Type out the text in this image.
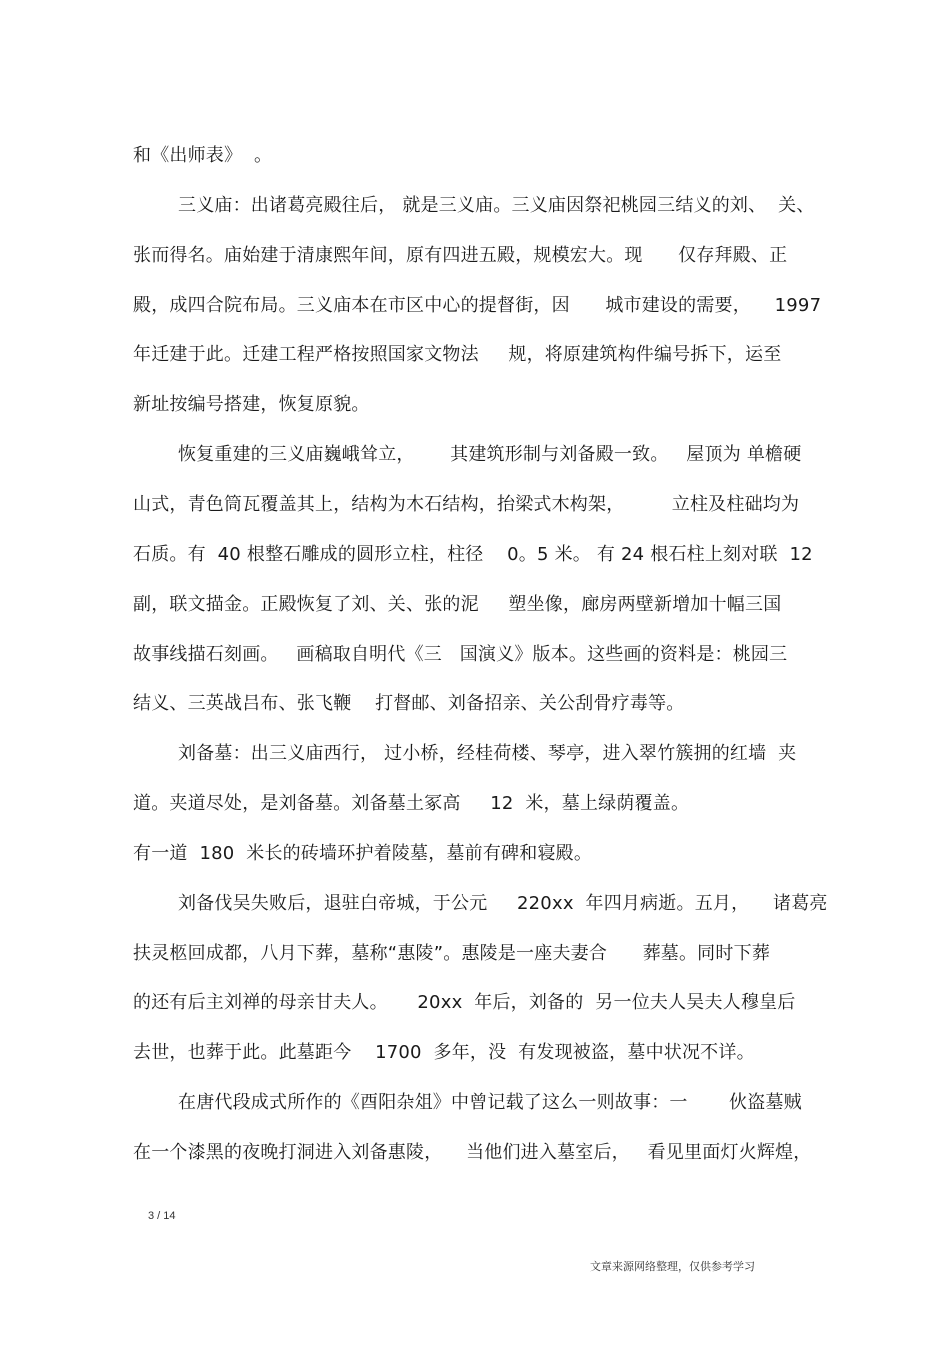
和《出师表》  。
三义庙：出诸葛亮殿往后， 就是三义庙。三义庙因祭祀桃园三结义的刘、  关、
张而得名。庙始建于清康熙年间，原有四进五殿，规模宏大。现      仅存拜殿、正
殿，成四合院布局。三义庙本在市区中心的提督街，因      城市建设的需要，    1997
年迁建于此。迁建工程严格按照国家文物法     规，将原建筑构件编号拆下，运至
新址按编号搭建，恢复原貌。
恢复重建的三义庙巍峨耸立，      其建筑形制与刘备殿一致。   屋顶为 单檐硬
山式，青色筒瓦覆盖其上，结构为木石结构，抬梁式木构架，        立柱及柱础均为
石质。有  40 根整石雕成的圆形立柱，柱径    0。5 米。 有 24 根石柱上刻对联  12
副，联文描金。正殿恢复了刘、关、张的泥     塑坐像，廊房两壁新增加十幅三国
故事线描石刻画。   画稿取自明代《三   国演义》版本。这些画的资料是：桃园三
结义、三英战吕布、张飞鞭    打督邮、刘备招亲、关公刮骨疗毒等。
刘备墓：出三义庙西行， 过小桥，经桂荷楼、琴亭，进入翠竹簇拥的红墙  夹
道。夹道尽处，是刘备墓。刘备墓土冢高     12  米，墓上绿荫覆盖。
有一道  180  米长的砖墙环护着陵墓，墓前有碑和寝殿。
刘备伐吴失败后，退驻白帝城，于公元     220xx  年四月病逝。五月，    诸葛亮
扶灵柩回成都，八月下葬，墓称“惠陵”。惠陵是一座夫妻合      葬墓。同时下葬
的还有后主刘禅的母亲甘夫人。     20xx  年后，刘备的  另一位夫人吴夫人穆皇后
去世，也葬于此。此墓距今    1700  多年，没  有发现被盗，墓中状况不详。
在唐代段成式所作的《酉阳杂俎》中曾记载了这么一则故事：一       伙盗墓贼
在一个漆黑的夜晚打洞进入刘备惠陵，    当他们进入墓室后，   看见里面灯火辉煌，
3 / 14
文章来源网络整理，仅供参考学习
